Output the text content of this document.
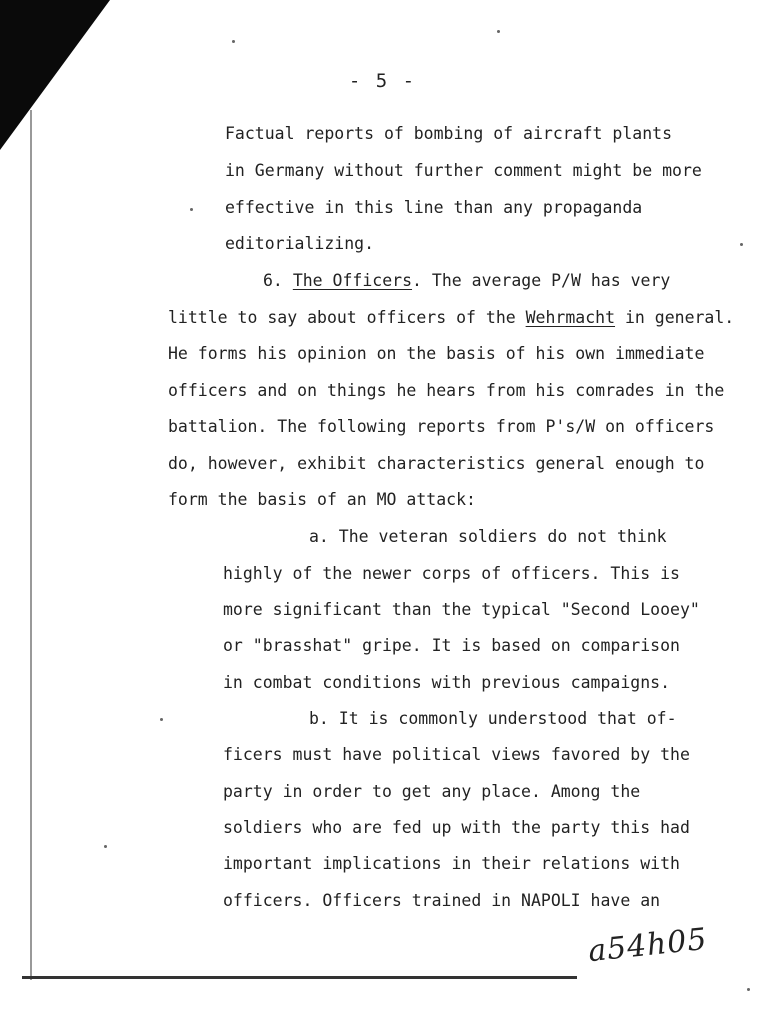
- 5 -
Factual reports of bombing of aircraft plants
in Germany without further comment might be more
effective in this line than any propaganda
editorializing.
6. The Officers. The average P/W has very
little to say about officers of the Wehrmacht in general.
He forms his opinion on the basis of his own immediate
officers and on things he hears from his comrades in the
battalion. The following reports from P's/W on officers
do, however, exhibit characteristics general enough to
form the basis of an MO attack:
a. The veteran soldiers do not think
highly of the newer corps of officers. This is
more significant than the typical "Second Looey"
or "brasshat" gripe. It is based on comparison
in combat conditions with previous campaigns.
b. It is commonly understood that of-
ficers must have political views favored by the
party in order to get any place. Among the
soldiers who are fed up with the party this had
important implications in their relations with
officers. Officers trained in NAPOLI have an
a54h05
